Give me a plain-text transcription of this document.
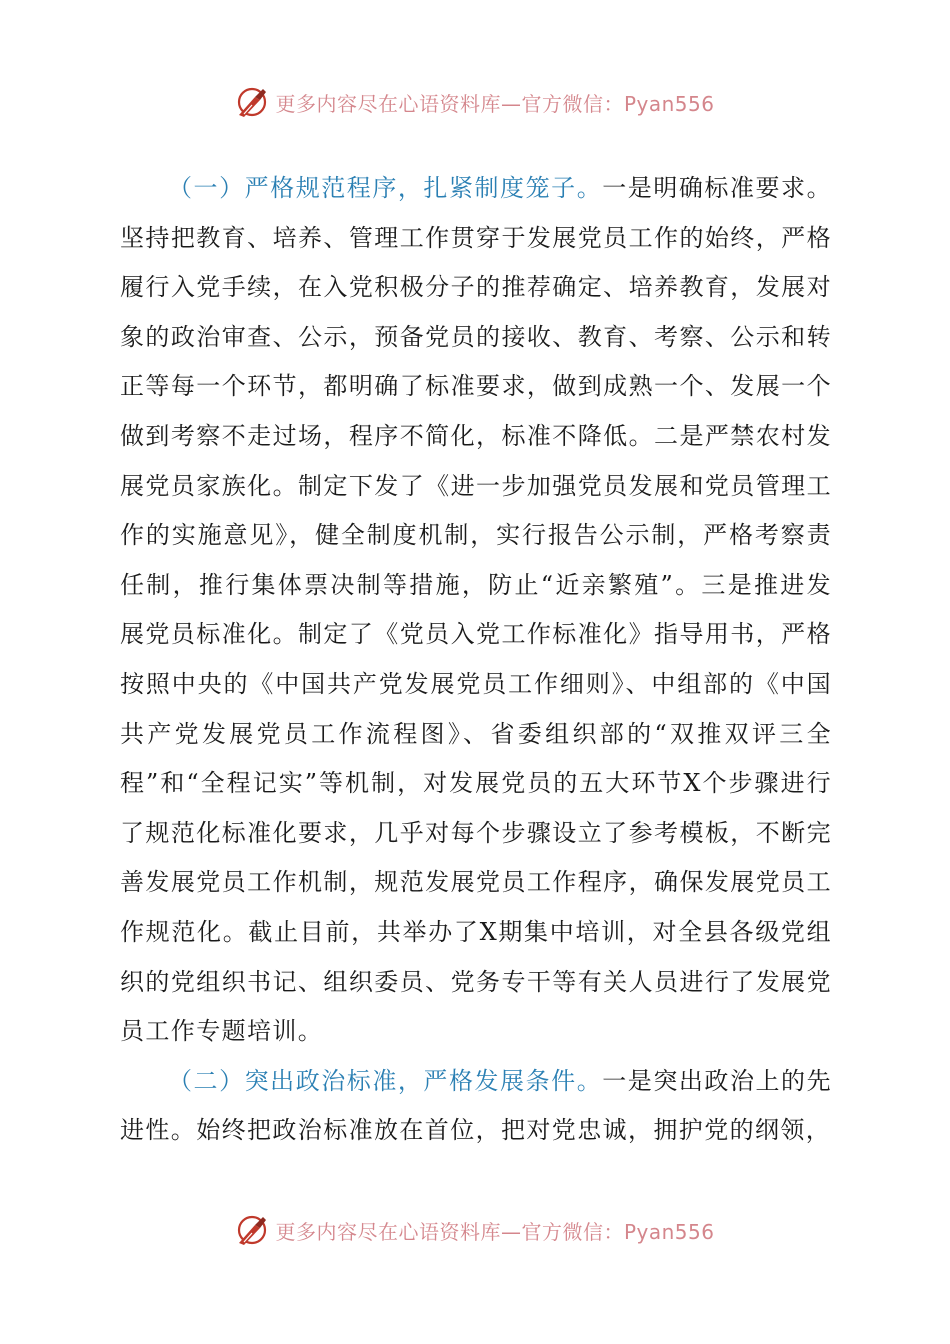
更多内容尽在心语资料库—官方微信：Pyan556

（一）严格规范程序，扎紧制度笼子。一是明确标准要求。坚持把教育、培养、管理工作贯穿于发展党员工作的始终，严格履行入党手续，在入党积极分子的推荐确定、培养教育，发展对象的政治审查、公示，预备党员的接收、教育、考察、公示和转正等每一个环节，都明确了标准要求，做到成熟一个、发展一个做到考察不走过场，程序不简化，标准不降低。二是严禁农村发展党员家族化。制定下发了《进一步加强党员发展和党员管理工作的实施意见》，健全制度机制，实行报告公示制，严格考察责任制，推行集体票决制等措施，防止“近亲繁殖”。三是推进发展党员标准化。制定了《党员入党工作标准化》指导用书，严格按照中央的《中国共产党发展党员工作细则》、中组部的《中国共产党发展党员工作流程图》、省委组织部的“双推双评三全程”和“全程记实”等机制，对发展党员的五大环节X个步骤进行了规范化标准化要求，几乎对每个步骤设立了参考模板，不断完善发展党员工作机制，规范发展党员工作程序，确保发展党员工作规范化。截止目前，共举办了X期集中培训，对全县各级党组织的党组织书记、组织委员、党务专干等有关人员进行了发展党员工作专题培训。

（二）突出政治标准，严格发展条件。一是突出政治上的先进性。始终把政治标准放在首位，把对党忠诚，拥护党的纲领，

更多内容尽在心语资料库—官方微信：Pyan556
